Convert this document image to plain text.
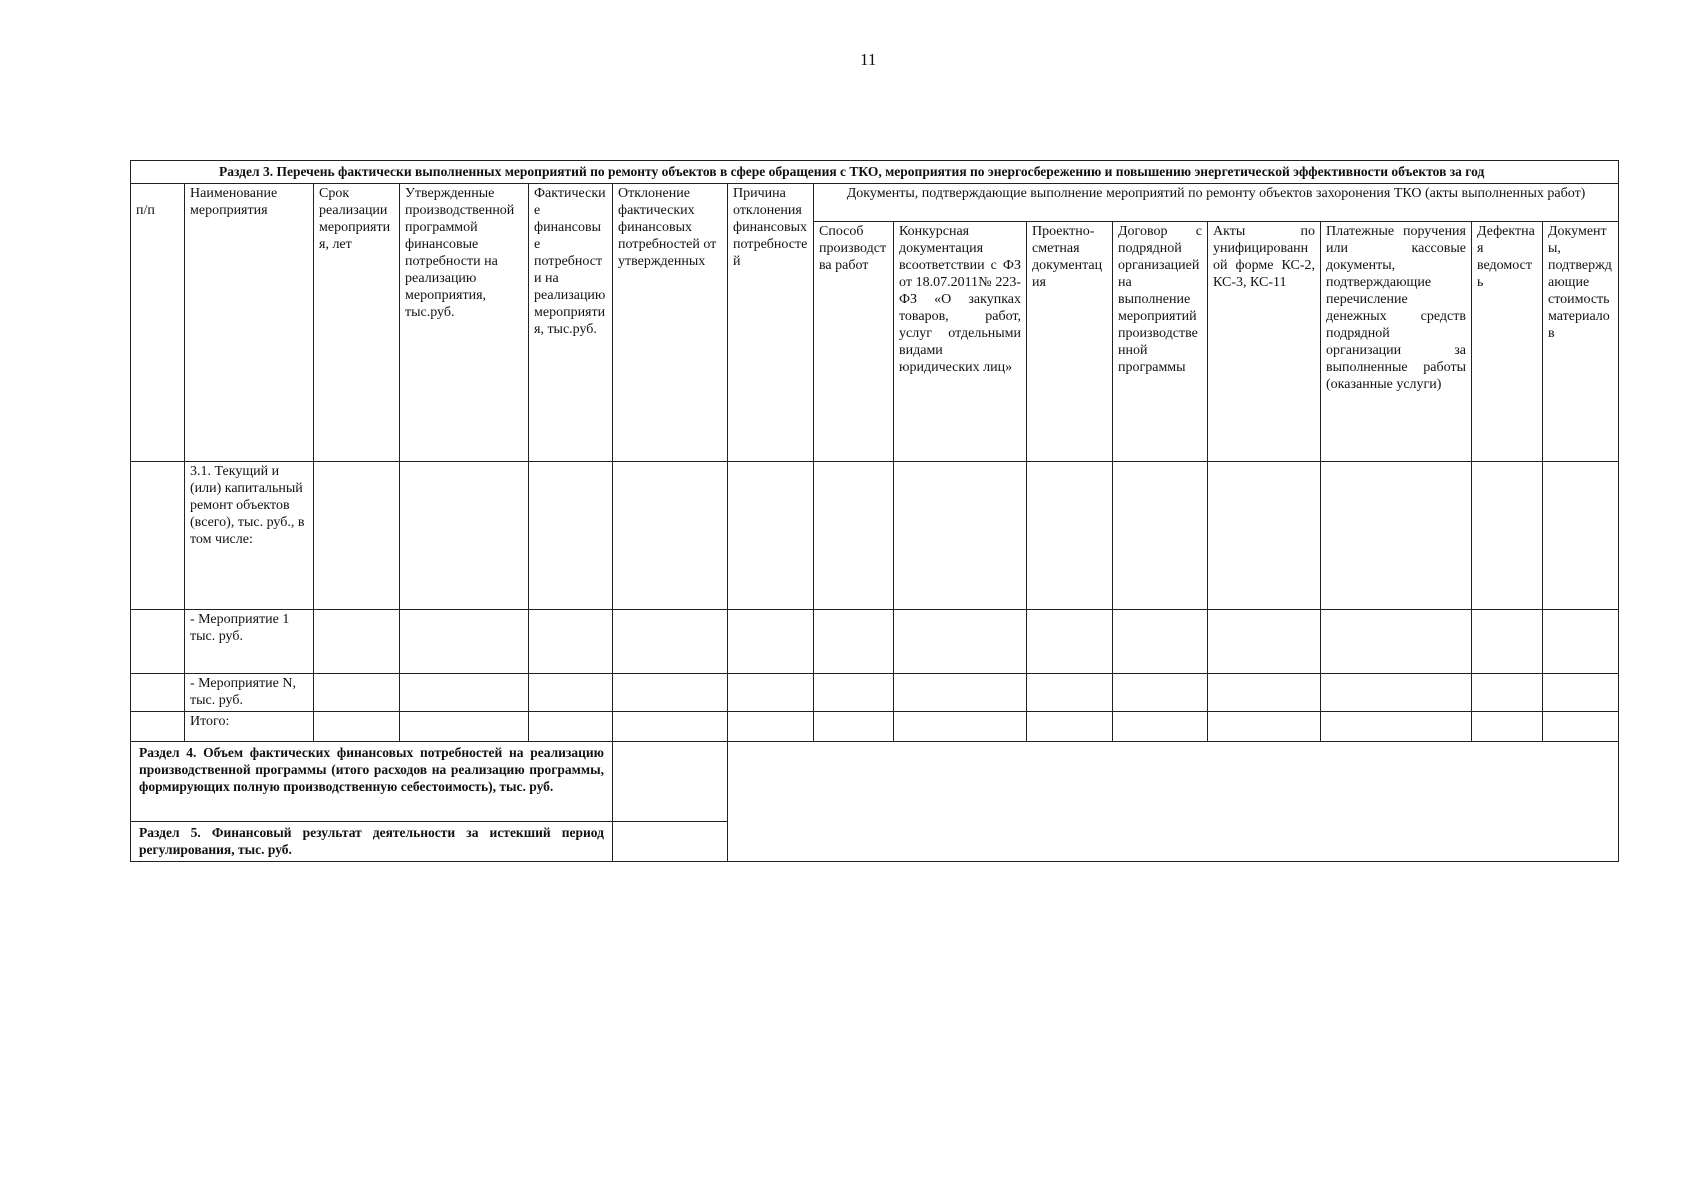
11
Раздел 3. Перечень фактически выполненных мероприятий по ремонту объектов в сфере обращения с ТКО, мероприятия по энергосбережению и повышению энергетической эффективности объектов за год														

п/п	Наименование мероприятия	Срок реализации мероприятия, лет	Утвержденные производственной программой финансовые потребности на реализацию мероприятия, тыс.руб.	Фактические финансовые потребности на реализацию мероприятия, тыс.руб.	Отклонение фактических финансовых потребностей от утвержденных	Причина отклонения финансовых потребностей	Документы, подтверждающие выполнение мероприятий по ремонту объектов захоронения ТКО (акты выполненных работ)							
							Способ производства работ	Конкурсная документация всоответствии с ФЗ от 18.07.2011№ 223-ФЗ «О закупках товаров, работ, услуг отдельными видами юридических лиц»	Проектно-сметная документация	Договор с подрядной организацией на выполнение мероприятий производственной программы	Акты по унифицированной форме КС-2, КС-3, КС-11	Платежные поручения или кассовые документы, подтверждающие перечисление денежных средств подрядной организации за выполненные работы (оказанные услуги)	Дефектная ведомость	Документы, подтверждающие стоимость материалов
	3.1. Текущий и (или) капитальный ремонт объектов (всего), тыс. руб., в том числе:													
	- Мероприятие 1 тыс. руб.													
	- Мероприятие N, тыс. руб.													
	Итого:													
Раздел 4. Объем фактических финансовых потребностей на реализацию производственной программы (итого расходов на реализацию программы, формирующих полную производственную себестоимость), тыс. руб.														
Раздел 5. Финансовый результат деятельности за истекший период регулирования, тыс. руб.														
